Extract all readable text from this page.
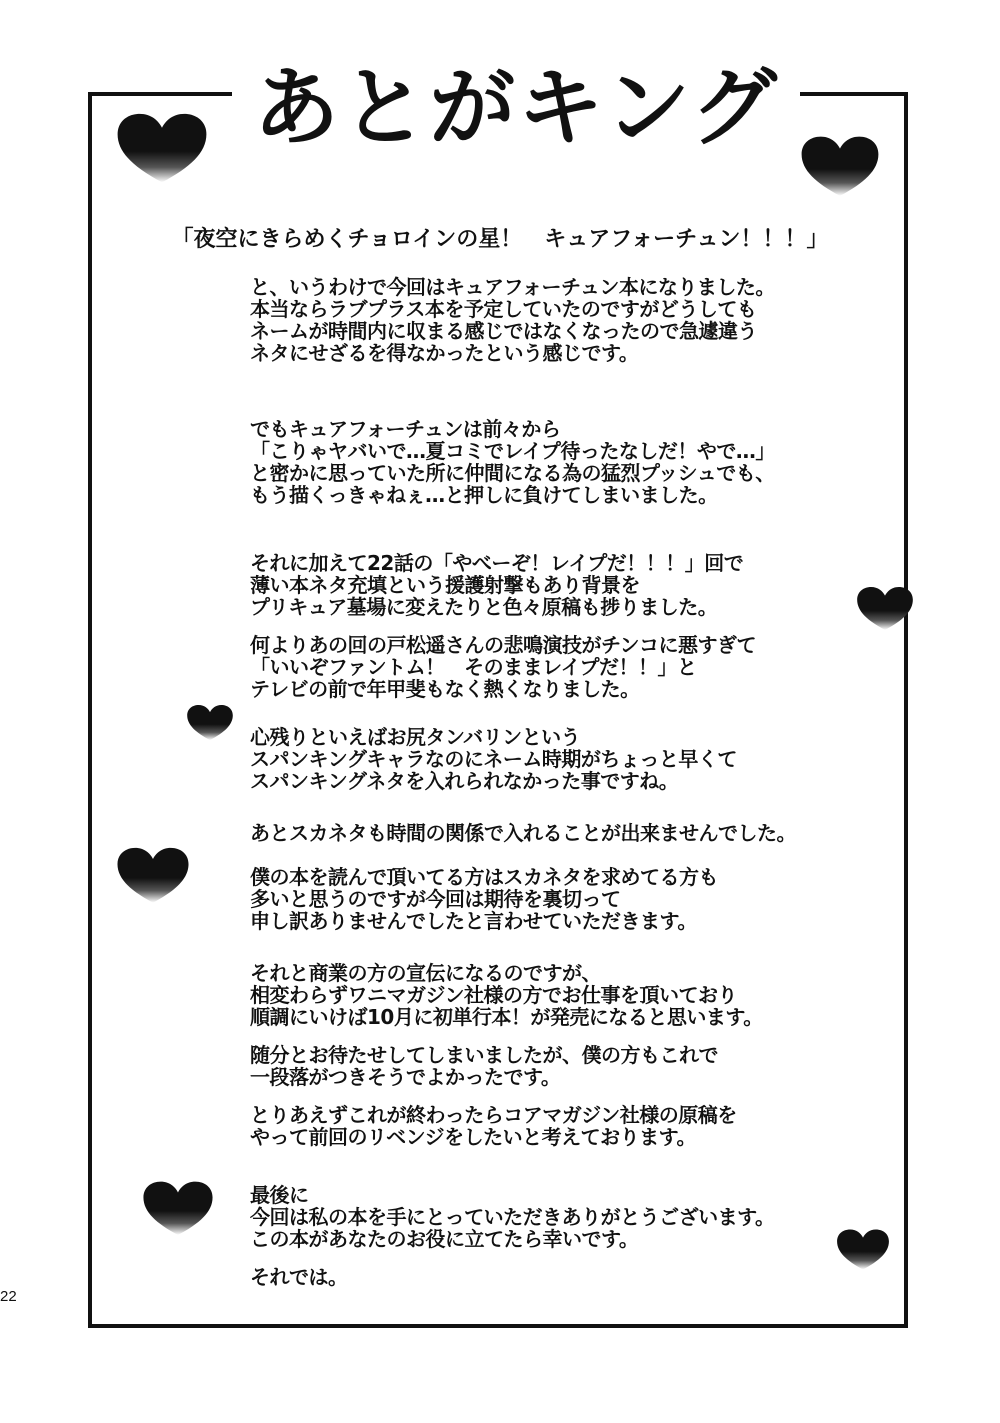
あとがキング
「夜空にきらめくチョロインの星！　キュアフォーチュン！！！」
と、いうわけで今回はキュアフォーチュン本になりました。
本当ならラブプラス本を予定していたのですがどうしても
ネームが時間内に収まる感じではなくなったので急遽違う
ネタにせざるを得なかったという感じです。
でもキュアフォーチュンは前々から
「こりゃヤバいで…夏コミでレイプ待ったなしだ！やで…」
と密かに思っていた所に仲間になる為の猛烈プッシュでも、
もう描くっきゃねぇ…と押しに負けてしまいました。
それに加えて22話の「やべーぞ！レイプだ！！！」回で
薄い本ネタ充填という援護射撃もあり背景を
プリキュア墓場に変えたりと色々原稿も捗りました。
何よりあの回の戸松遥さんの悲鳴演技がチンコに悪すぎて
「いいぞファントム！　そのままレイプだ！！」と
テレビの前で年甲斐もなく熱くなりました。
心残りといえばお尻タンバリンという
スパンキングキャラなのにネーム時期がちょっと早くて
スパンキングネタを入れられなかった事ですね。
あとスカネタも時間の関係で入れることが出来ませんでした。
僕の本を読んで頂いてる方はスカネタを求めてる方も
多いと思うのですが今回は期待を裏切って
申し訳ありませんでしたと言わせていただきます。
それと商業の方の宣伝になるのですが、
相変わらずワニマガジン社様の方でお仕事を頂いており
順調にいけば10月に初単行本！が発売になると思います。
随分とお待たせしてしまいましたが、僕の方もこれで
一段落がつきそうでよかったです。
とりあえずこれが終わったらコアマガジン社様の原稿を
やって前回のリベンジをしたいと考えております。
最後に
今回は私の本を手にとっていただきありがとうございます。
この本があなたのお役に立てたら幸いです。
それでは。
22
